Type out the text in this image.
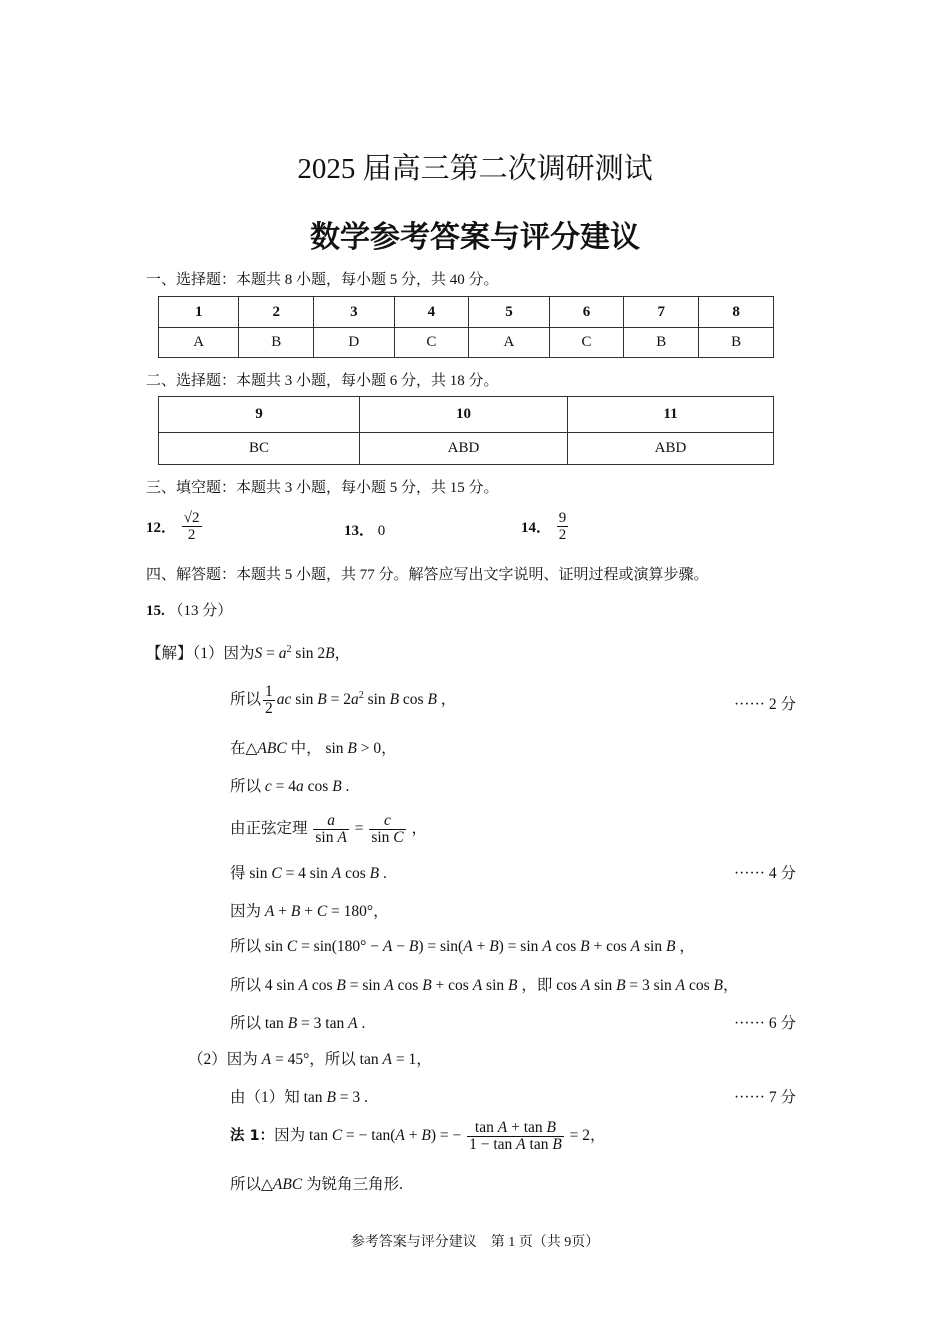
2025 届高三第二次调研测试
数学参考答案与评分建议
一、选择题：本题共 8 小题，每小题 5 分，共 40 分。
1	2	3	4	5	6	7	8
A	B	D	C	A	C	B	B
二、选择题：本题共 3 小题，每小题 6 分，共 18 分。
9	10	11
BC	ABD	ABD
三、填空题：本题共 3 小题，每小题 5 分，共 15 分。
12． $\frac{√2}{2}$	13． 0	14． $\frac{9}{2}$
四、解答题：本题共 5 小题，共 77 分。解答应写出文字说明、证明过程或演算步骤。
15. （13 分）
【解】（1）因为$S = a^2$ sin 2B，
所以 $\frac{1}{2}$ ac $\sin B = 2a^2$ sin B cos B ，	······ 2 分
在△ABC 中， sin B > 0，
所以 c = 4a cos B .
由正弦定理 $\frac{a}{\text{sin A}} = \frac{c}{\text{sin C}}$ ，
得 sin C = 4 sin A cos B .	······ 4 分
因为 A + B + C = 180°，
所以 sin C = sin(180° − A − B) = sin(A + B) = sin A cos B + cos A sin B ，
所以 4 sin A cos B = sin A cos B + cos A sin B ，即 cos A sin B = 3 sin A cos B，
所以 tan B = 3 tan A .	······ 6 分
（2）因为 A = 45°，所以 tan A = 1，
由（1）知 tan B = 3 .	······ 7 分
法 1：因为 tan C = − tan(A + B) = − $\frac{\text{tan A + tan B}}{\text{1 − tan A tan B}} = 2$，
所以△ABC 为锐角三角形.
参考答案与评分建议　第 1 页（共 9页）
